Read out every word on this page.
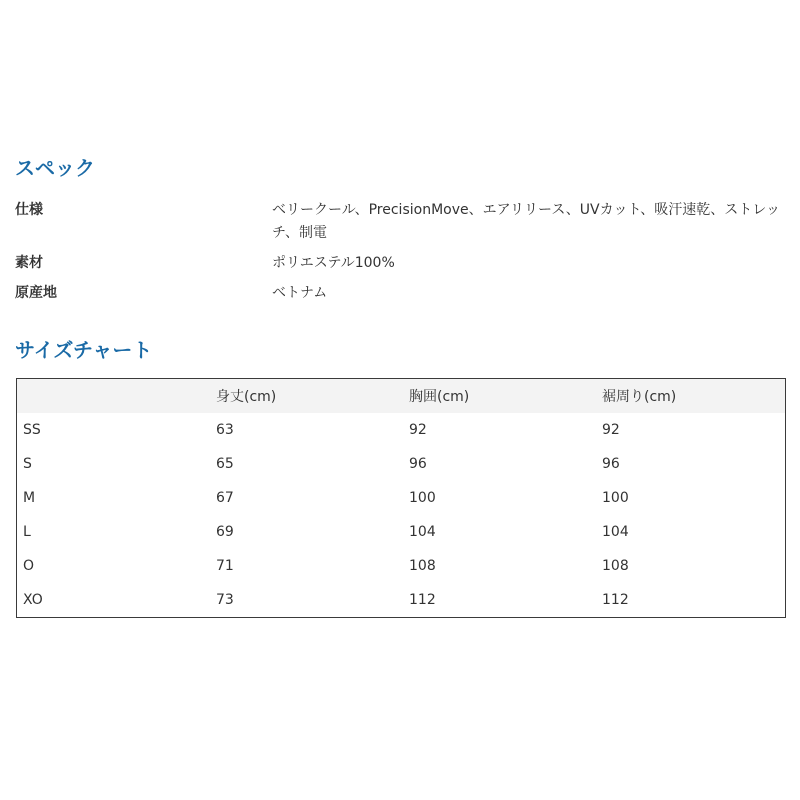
スペック
仕様	ベリークール、PrecisionMove、エアリリース、UVカット、吸汗速乾、ストレッチ、制電
素材	ポリエステル100%
原産地	ベトナム
サイズチャート
	身丈(cm)	胸囲(cm)	裾周り(cm)
SS	63	92	92
S	65	96	96
M	67	100	100
L	69	104	104
O	71	108	108
XO	73	112	112
